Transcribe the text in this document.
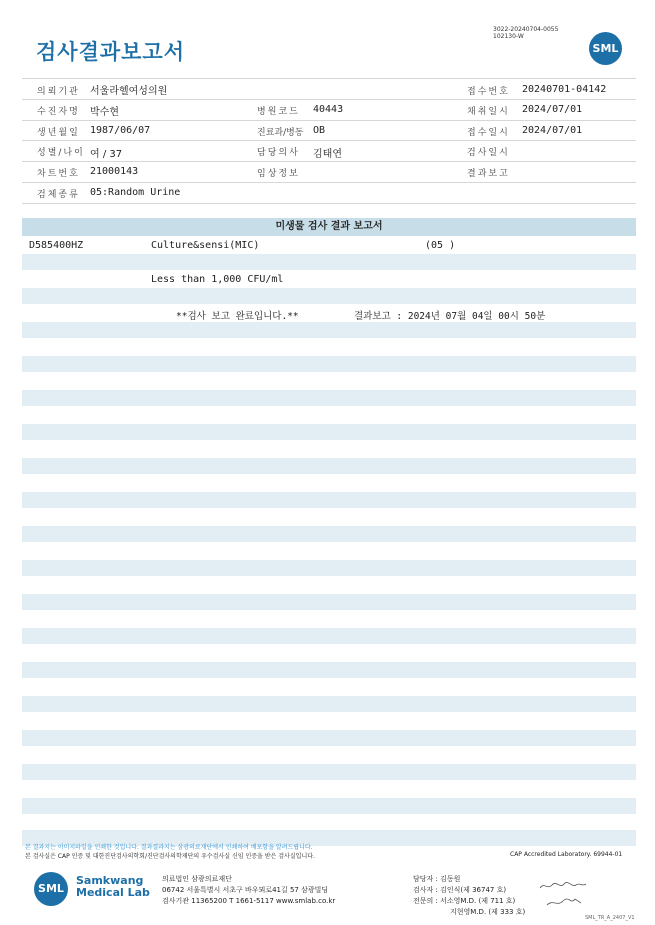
검사결과보고서
3022-20240704-0055
102130-W
SML
의뢰기관 서울라헬여성의원	접수번호 20240701-04142
수진자명 박수현	병원코드 40443	채취일시 2024/07/01
생년월일 1987/06/07	진료과/병동 OB	접수일시 2024/07/01
성별/나이 여 / 37	담당의사 김태연	검사일시
차트번호 21000143	임상정보	결과보고
검체종류 05:Random Urine
미생물 검사 결과 보고서
D585400HZ	Culture&sensi(MIC)	(05 )
Less than 1,000 CFU/ml
**검사 보고 완료입니다.**	결과보고 : 2024년 07월 04일 00시 50분
본 결과지는 이미지파일을 인쇄한 것입니다. 결과결과지는 삼광의료재단에서 인쇄하여 배포함을 알려드립니다.
본 검사실은 CAP 인증 및 대한진단검사의학회/진단검사의학재단의 우수검사실 신임 인증을 받은 검사실입니다.	CAP Accredited Laboratory. 69944-01
SML
Samkwang
Medical Lab
의료법인 삼광의료재단
06742 서울특별시 서초구 바우뫼로41길 57 삼광빌딩
검사기관 11365200 T 1661-5117 www.smlab.co.kr
담당자 : 김동원
검사자 : 김인식(제 36747 호)
전문의 : 서소영M.D. (제 711 호)
지현영M.D. (제 333 호)
SML_TR_A_2407_V1
